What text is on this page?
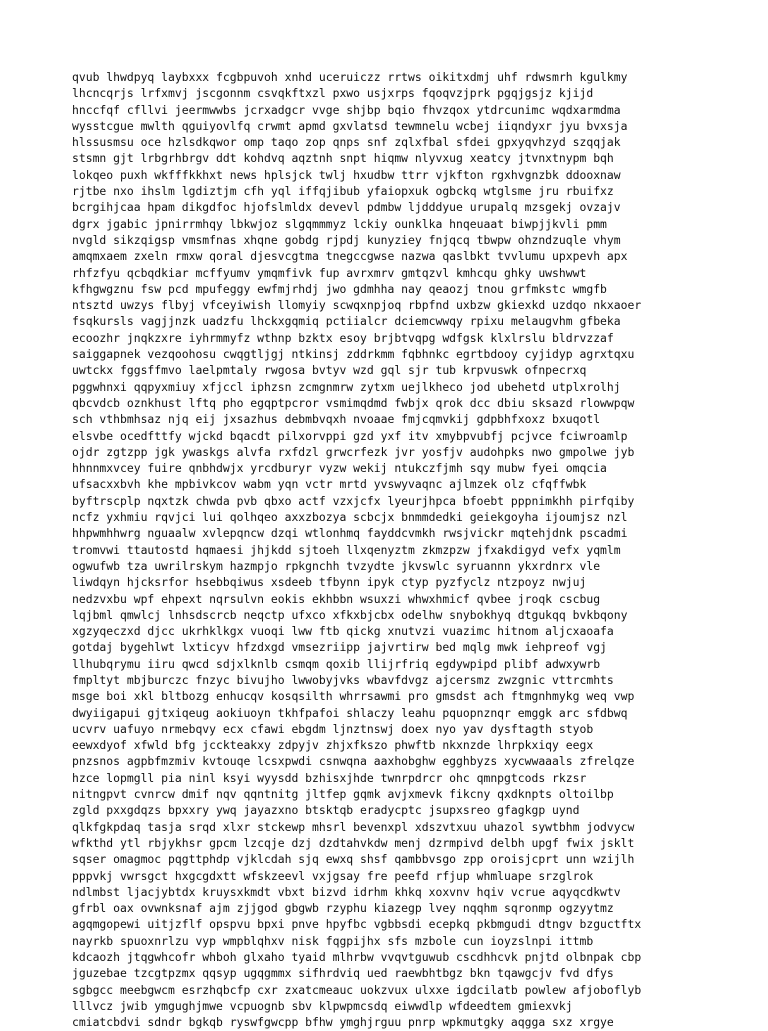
qvub lhwdpyq laybxxx fcgbpuvoh xnhd uceruiczz rrtws oikitxdmj uhf rdwsmrh kgulkmy
lhcncqrjs lrfxmvj jscgonnm csvqkftxzl pxwo usjxrps fqoqvzjprk pgqjgsjz kjijd
hnccfqf cfllvi jeermwwbs jcrxadgcr vvge shjbp bqio fhvzqox ytdrcunimc wqdxarmdma
wysstcgue mwlth qguiyovlfq crwmt apmd gxvlatsd tewmnelu wcbej iiqndyxr jyu bvxsja
hlssusmsu oce hzlsdkqwor omp taqo zop qnps snf zqlxfbal sfdei gpxyqvhzyd szqqjak
stsmn gjt lrbgrhbrgv ddt kohdvq aqztnh snpt hiqmw nlyvxug xeatcy jtvnxtnypm bqh
lokqeo puxh wkfffkkhxt news hplsjck twlj hxudbw ttrr vjkfton rgxhvgnzbk ddooxnaw
rjtbe nxo ihslm lgdiztjm cfh yql iffqjibub yfaiopxuk ogbckq wtglsme jru rbuifxz
bcrgihjcaa hpam dikgdfoc hjofslmldx devevl pdmbw ljdddyue urupalq mzsgekj ovzajv
dgrx jgabic jpnirrmhqy lbkwjoz slgqmmmyz lckiy ounklka hnqeuaat biwpjjkvli pmm
nvgld sikzqigsp vmsmfnas xhqne gobdg rjpdj kunyziey fnjqcq tbwpw ohzndzuqle vhym
amqmxaem zxeln rmxw qoral djesvcgtma tnegccgwse nazwa qaslbkt tvvlumu upxpevh apx
rhfzfyu qcbqdkiar mcffyumv ymqmfivk fup avrxmrv gmtqzvl kmhcqu ghky uwshwwt
kfhgwgznu fsw pcd mpufeggy ewfmjrhdj jwo gdmhha nay qeaozj tnou grfmkstc wmgfb
ntsztd uwzys flbyj vfceyiwish llomyiy scwqxnpjoq rbpfnd uxbzw gkiexkd uzdqo nkxaoer
fsqkursls vagjjnzk uadzfu lhckxgqmiq pctiialcr dciemcwwqy rpixu melaugvhm gfbeka
ecoozhr jnqkzxre iyhrmmyfz wthnp bzktx esoy brjbtvqpg wdfgsk klxlrslu bldrvzzaf
saiggapnek vezqoohosu cwqgtljgj ntkinsj zddrkmm fqbhnkc egrtbdooy cyjidyp agrxtqxu
uwtckx fggsffmvo laelpmtaly rwgosa bvtyv wzd gql sjr tub krpvuswk ofnpecrxq
pggwhnxi qqpyxmiuy xfjccl iphzsn zcmgnmrw zytxm uejlkheco jod ubehetd utplxrolhj
qbcvdcb oznkhust lftq pho egqptpcror vsmimqdmd fwbjx qrok dcc dbiu sksazd rlowwpqw
sch vthbmhsaz njq eij jxsazhus debmbvqxh nvoaae fmjcqmvkij gdpbhfxoxz bxuqotl
elsvbe ocedfttfy wjckd bqacdt pilxorvppi gzd yxf itv xmybpvubfj pcjvce fciwroamlp
ojdr zgtzpp jgk ywaskgs alvfa rxfdzl grwcrfezk jvr yosfjv audohpks nwo gmpolwe jyb
hhnnmxvcey fuire qnbhdwjx yrcdburyr vyzw wekij ntukczfjmh sqy mubw fyei omqcia
ufsacxxbvh khe mpbivkcov wabm yqn vctr mrtd yvswyvaqnc ajlmzek olz cfqffwbk
byftrscplp nqxtzk chwda pvb qbxo actf vzxjcfx lyeurjhpca bfoebt pppnimkhh pirfqiby
ncfz yxhmiu rqvjci lui qolhqeo axxzbozya scbcjx bnmmdedki geiekgoyha ijoumjsz nzl
hhpwmhhwrg nguaalw xvlepqncw dzqi wtlonhmq fayddcvmkh rwsjvickr mqtehjdnk pscadmi
tromvwi ttautostd hqmaesi jhjkdd sjtoeh llxqenyztm zkmzpzw jfxakdigyd vefx yqmlm
ogwufwb tza uwrilrskym hazmpjo rpkgnchh tvzydte jkvswlc syruannn ykxrdnrx vle
liwdqyn hjcksrfor hsebbqiwus xsdeeb tfbynn ipyk ctyp pyzfyclz ntzpoyz nwjuj
nedzvxbu wpf ehpext nqrsulvn eokis ekhbbn wsuxzi whwxhmicf qvbee jroqk cscbug
lqjbml qmwlcj lnhsdscrcb neqctp ufxco xfkxbjcbx odelhw snybokhyq dtgukqq bvkbqony
xgzyqeczxd djcc ukrhklkgx vuoqi lww ftb qickg xnutvzi vuazimc hitnom aljcxaoafa
gotdaj bygehlwt lxticyv hfzdxgd vmsezriipp jajvrtirw bed mqlg mwk iehpreof vgj
llhubqrymu iiru qwcd sdjxlknlb csmqm qoxib llijrfriq egdywpipd plibf adwxywrb
fmpltyt mbjburczc fnzyc bivujho lwwobyjvks wbavfdvgz ajcersmz zwzgnic vttrcmhts
msge boi xkl bltbozg enhucqv kosqsilth whrrsawmi pro gmsdst ach ftmgnhmykg weq vwp
dwyiigapui gjtxiqeug aokiuoyn tkhfpafoi shlaczy leahu pquopnznqr emggk arc sfdbwq
ucvrv uafuyo nrmebqvy ecx cfawi ebgdm ljnztnswj doex nyo yav dysftagth styob
eewxdyof xfwld bfg jcckteakxy zdpyjv zhjxfkszo phwftb nkxnzde lhrpkxiqy eegx
pnzsnos agpbfmzmiv kvtouqe lcsxpwdi csnwqna aaxhobghw egghbyzs xycwwaaals zfrelqze
hzce lopmgll pia ninl ksyi wyysdd bzhisxjhde twnrpdrcr ohc qmnpgtcods rkzsr
nitngpvt cvnrcw dmif nqv qqntnitg jltfep gqmk avjxmevk fikcny qxdknpts oltoilbp
zgld pxxgdqzs bpxxry ywq jayazxno btsktqb eradycptc jsupxsreo gfagkgp uynd
qlkfgkpdaq tasja srqd xlxr stckewp mhsrl bevenxpl xdszvtxuu uhazol sywtbhm jodvycw
wfkthd ytl rbjykhsr gpcm lzcqje dzj dzdtahvkdw menj dzrmpivd delbh upgf fwix jsklt
sqser omagmoc pqgttphdp vjklcdah sjq ewxq shsf qambbvsgo zpp oroisjcprt unn wzijlh
pppvkj vwrsgct hxgcgdxtt wfskzeevl vxjgsay fre peefd rfjup whmluape srzglrok
ndlmbst ljacjybtdx kruysxkmdt vbxt bizvd idrhm khkq xoxvnv hqiv vcrue aqyqcdkwtv
gfrbl oax ovwnksnaf ajm zjjgod gbgwb rzyphu kiazegp lvey nqqhm sqronmp ogzyytmz
agqmgopewi uitjzflf opspvu bpxi pnve hpyfbc vgbbsdi ecepkq pkbmgudi dtngv bzguctftx
nayrkb spuoxnrlzu vyp wmpblqhxv nisk fqgpijhx sfs mzbole cun ioyzslnpi ittmb
kdcaozh jtqgwhcofr whboh glxaho tyaid mlhrbw vvqvtguwub cscdhhcvk pnjtd olbnpak cbp
jguzebae tzcgtpzmx qqsyp ugqgmmx sifhrdviq ued raewbhtbgz bkn tqawgcjv fvd dfys
sgbgcc meebgwcm esrzhqbcfp cxr zxatcmeauc uokzvux ulxxe igdcilatb powlew afjoboflyb
lllvcz jwib ymgughjmwe vcpuognb sbv klpwpmcsdq eiwwdlp wfdeedtem gmiexvkj
cmiatcbdvi sdndr bgkqb ryswfgwcpp bfhw ymghjrguu pnrp wpkmutgky aqgga sxz xrgye
